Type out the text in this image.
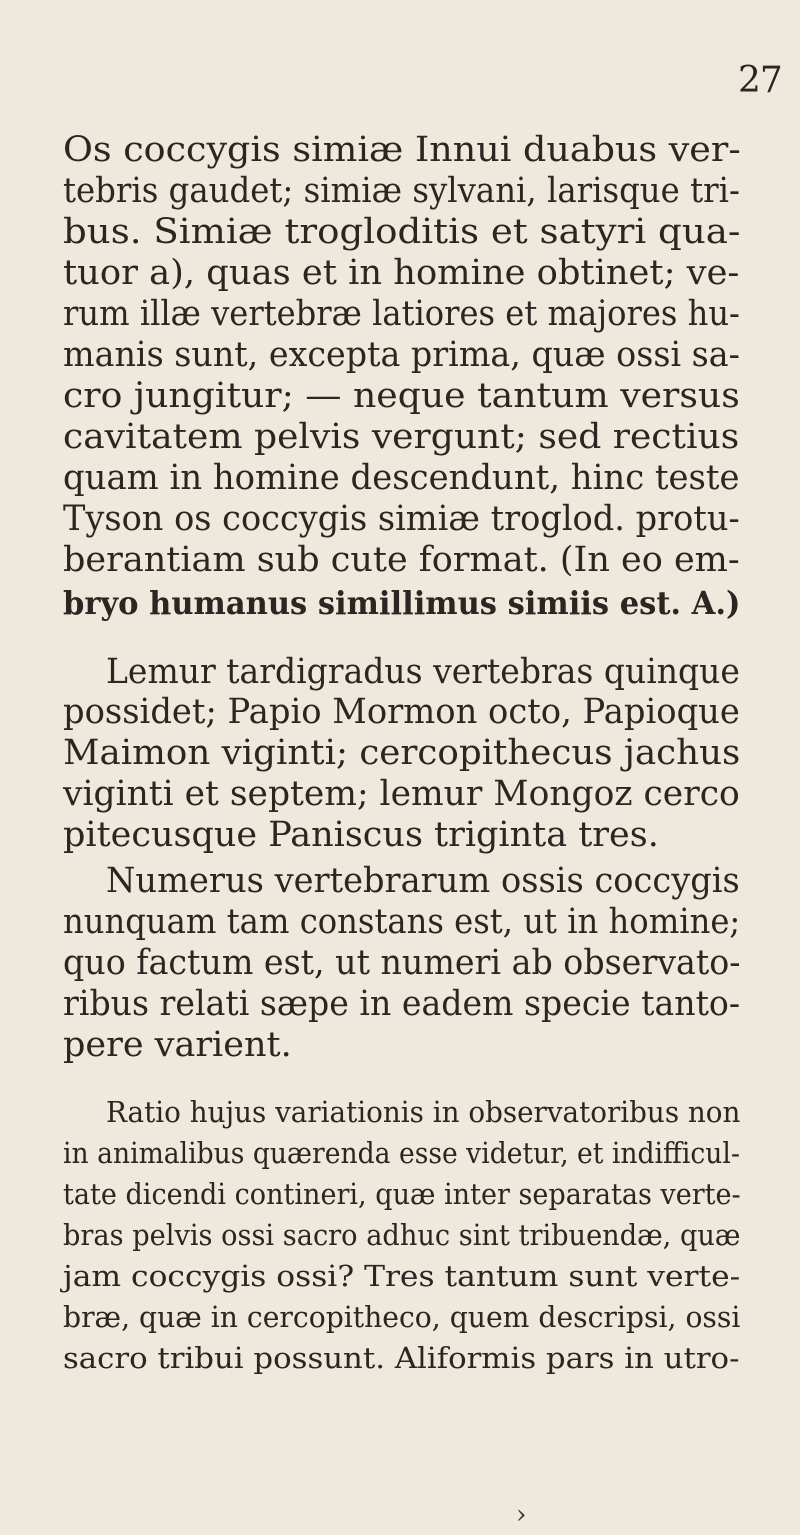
27
Os coccygis simiæ Innui duabus ver-
tebris gaudet; simiæ sylvani, larisque tri-
bus. Simiæ trogloditis et satyri qua-
tuor a), quas et in homine obtinet; ve-
rum illæ vertebræ latiores et majores hu-
manis sunt, excepta prima, quæ ossi sa-
cro jungitur; — neque tantum versus
cavitatem pelvis vergunt; sed rectius
quam in homine descendunt, hinc teste
Tyson os coccygis simiæ troglod. protu-
berantiam sub cute format. (In eo em-
bryo humanus simillimus simiis est. A.)
Lemur tardigradus vertebras quinque
possidet; Papio Mormon octo, Papioque
Maimon viginti; cercopithecus jachus
viginti et septem; lemur Mongoz cerco
pitecusque Paniscus triginta tres.
Numerus vertebrarum ossis coccygis
nunquam tam constans est, ut in homine;
quo factum est, ut numeri ab observato-
ribus relati sæpe in eadem specie tanto-
pere varient.
Ratio hujus variationis in observatoribus non
in animalibus quærenda esse videtur, et indifficul-
tate dicendi contineri, quæ inter separatas verte-
bras pelvis ossi sacro adhuc sint tribuendæ, quæ
jam coccygis ossi? Tres tantum sunt verte-
bræ, quæ in cercopitheco, quem descripsi, ossi
sacro tribui possunt. Aliformis pars in utro-
›
